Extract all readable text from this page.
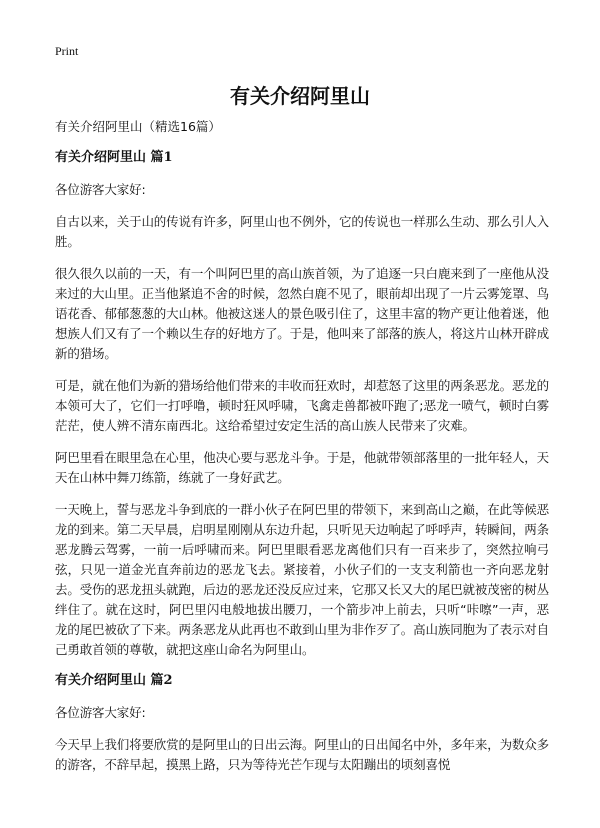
Print
有关介绍阿里山

有关介绍阿里山（精选16篇）

有关介绍阿里山 篇1

各位游客大家好:

自古以来，关于山的传说有许多，阿里山也不例外，它的传说也一样那么生动、那么引人入胜。

很久很久以前的一天，有一个叫阿巴里的高山族首领，为了追逐一只白鹿来到了一座他从没来过的大山里。正当他紧追不舍的时候，忽然白鹿不见了，眼前却出现了一片云雾笼罩、鸟语花香、郁郁葱葱的大山林。他被这迷人的景色吸引住了，这里丰富的物产更让他着迷，他想族人们又有了一个赖以生存的好地方了。于是，他叫来了部落的族人，将这片山林开辟成新的猎场。

可是，就在他们为新的猎场给他们带来的丰收而狂欢时，却惹怒了这里的两条恶龙。恶龙的本领可大了，它们一打呼噜，顿时狂风呼啸，飞禽走兽都被吓跑了;恶龙一喷气，顿时白雾茫茫，使人辨不清东南西北。这给希望过安定生活的高山族人民带来了灾难。

阿巴里看在眼里急在心里，他决心要与恶龙斗争。于是，他就带领部落里的一批年轻人，天天在山林中舞刀练箭，练就了一身好武艺。

一天晚上，誓与恶龙斗争到底的一群小伙子在阿巴里的带领下，来到高山之巅，在此等候恶龙的到来。第二天早晨，启明星刚刚从东边升起，只听见天边响起了呼呼声，转瞬间，两条恶龙腾云驾雾，一前一后呼啸而来。阿巴里眼看恶龙离他们只有一百来步了，突然拉响弓弦，只见一道金光直奔前边的恶龙飞去。紧接着，小伙子们的一支支利箭也一齐向恶龙射去。受伤的恶龙扭头就跑，后边的恶龙还没反应过来，它那又长又大的尾巴就被茂密的树丛绊住了。就在这时，阿巴里闪电般地拔出腰刀，一个箭步冲上前去，只听“咔嚓”一声，恶龙的尾巴被砍了下来。两条恶龙从此再也不敢到山里为非作歹了。高山族同胞为了表示对自己勇敢首领的尊敬，就把这座山命名为阿里山。

有关介绍阿里山 篇2

各位游客大家好:

今天早上我们将要欣赏的是阿里山的日出云海。阿里山的日出闻名中外，多年来，为数众多的游客，不辞早起，摸黑上路，只为等待光芒乍现与太阳蹦出的顷刻喜悦
